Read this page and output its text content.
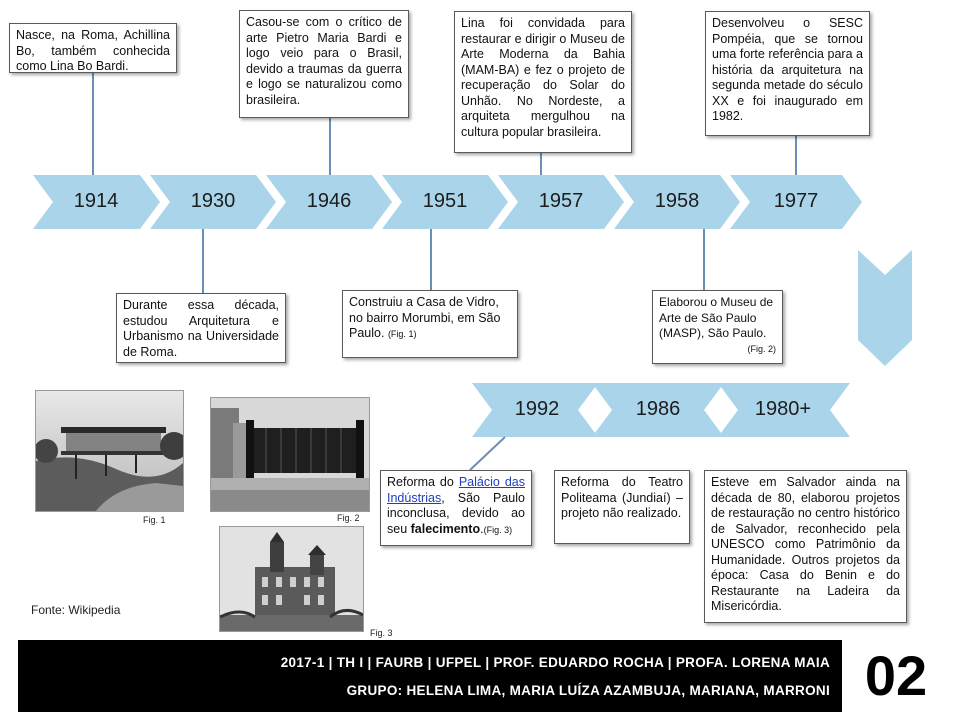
1914	1930	1946	1951	1957	1958	1977
1992	1986	1980+
Nasce, na Roma, Achillina Bo, também conhecida como Lina Bo Bardi.
Casou-se com o crítico de arte Pietro Maria Bardi e logo veio para o Brasil, devido a traumas da guerra e logo se naturalizou como brasileira.
Lina foi convidada para restaurar e dirigir o Museu de Arte Moderna da Bahia (MAM-BA) e fez o projeto de recuperação do Solar do Unhão. No Nordeste, a arquiteta mergulhou na cultura popular brasileira.
Desenvolveu o SESC Pompéia, que se tornou uma forte referência para a história da arquitetura na segunda metade do século XX e foi inaugurado em 1982.
Durante essa década, estudou Arquitetura e Urbanismo na Universidade de Roma.
Construiu a Casa de Vidro, no bairro Morumbi, em São Paulo. (Fig. 1)
Elaborou o Museu de Arte de São Paulo (MASP), São Paulo.
(Fig. 2)
Reforma do Palácio das Indústrias, São Paulo inconclusa, devido ao seu falecimento.(Fig. 3)
Reforma do Teatro Politeama (Jundiaí) – projeto não realizado.
Esteve em Salvador ainda na década de 80, elaborou projetos de restauração no centro histórico de Salvador, reconhecido pela UNESCO como Patrimônio da Humanidade. Outros projetos da época: Casa do Benin e do Restaurante na Ladeira da Misericórdia.
Fig. 1	Fig. 2
Fig. 3
Fonte: Wikipedia
2017-1 | TH I | FAURB | UFPEL | PROF. EDUARDO ROCHA | PROFA. LORENA MAIA
GRUPO: HELENA LIMA, MARIA LUÍZA AZAMBUJA, MARIANA, MARRONI 02
